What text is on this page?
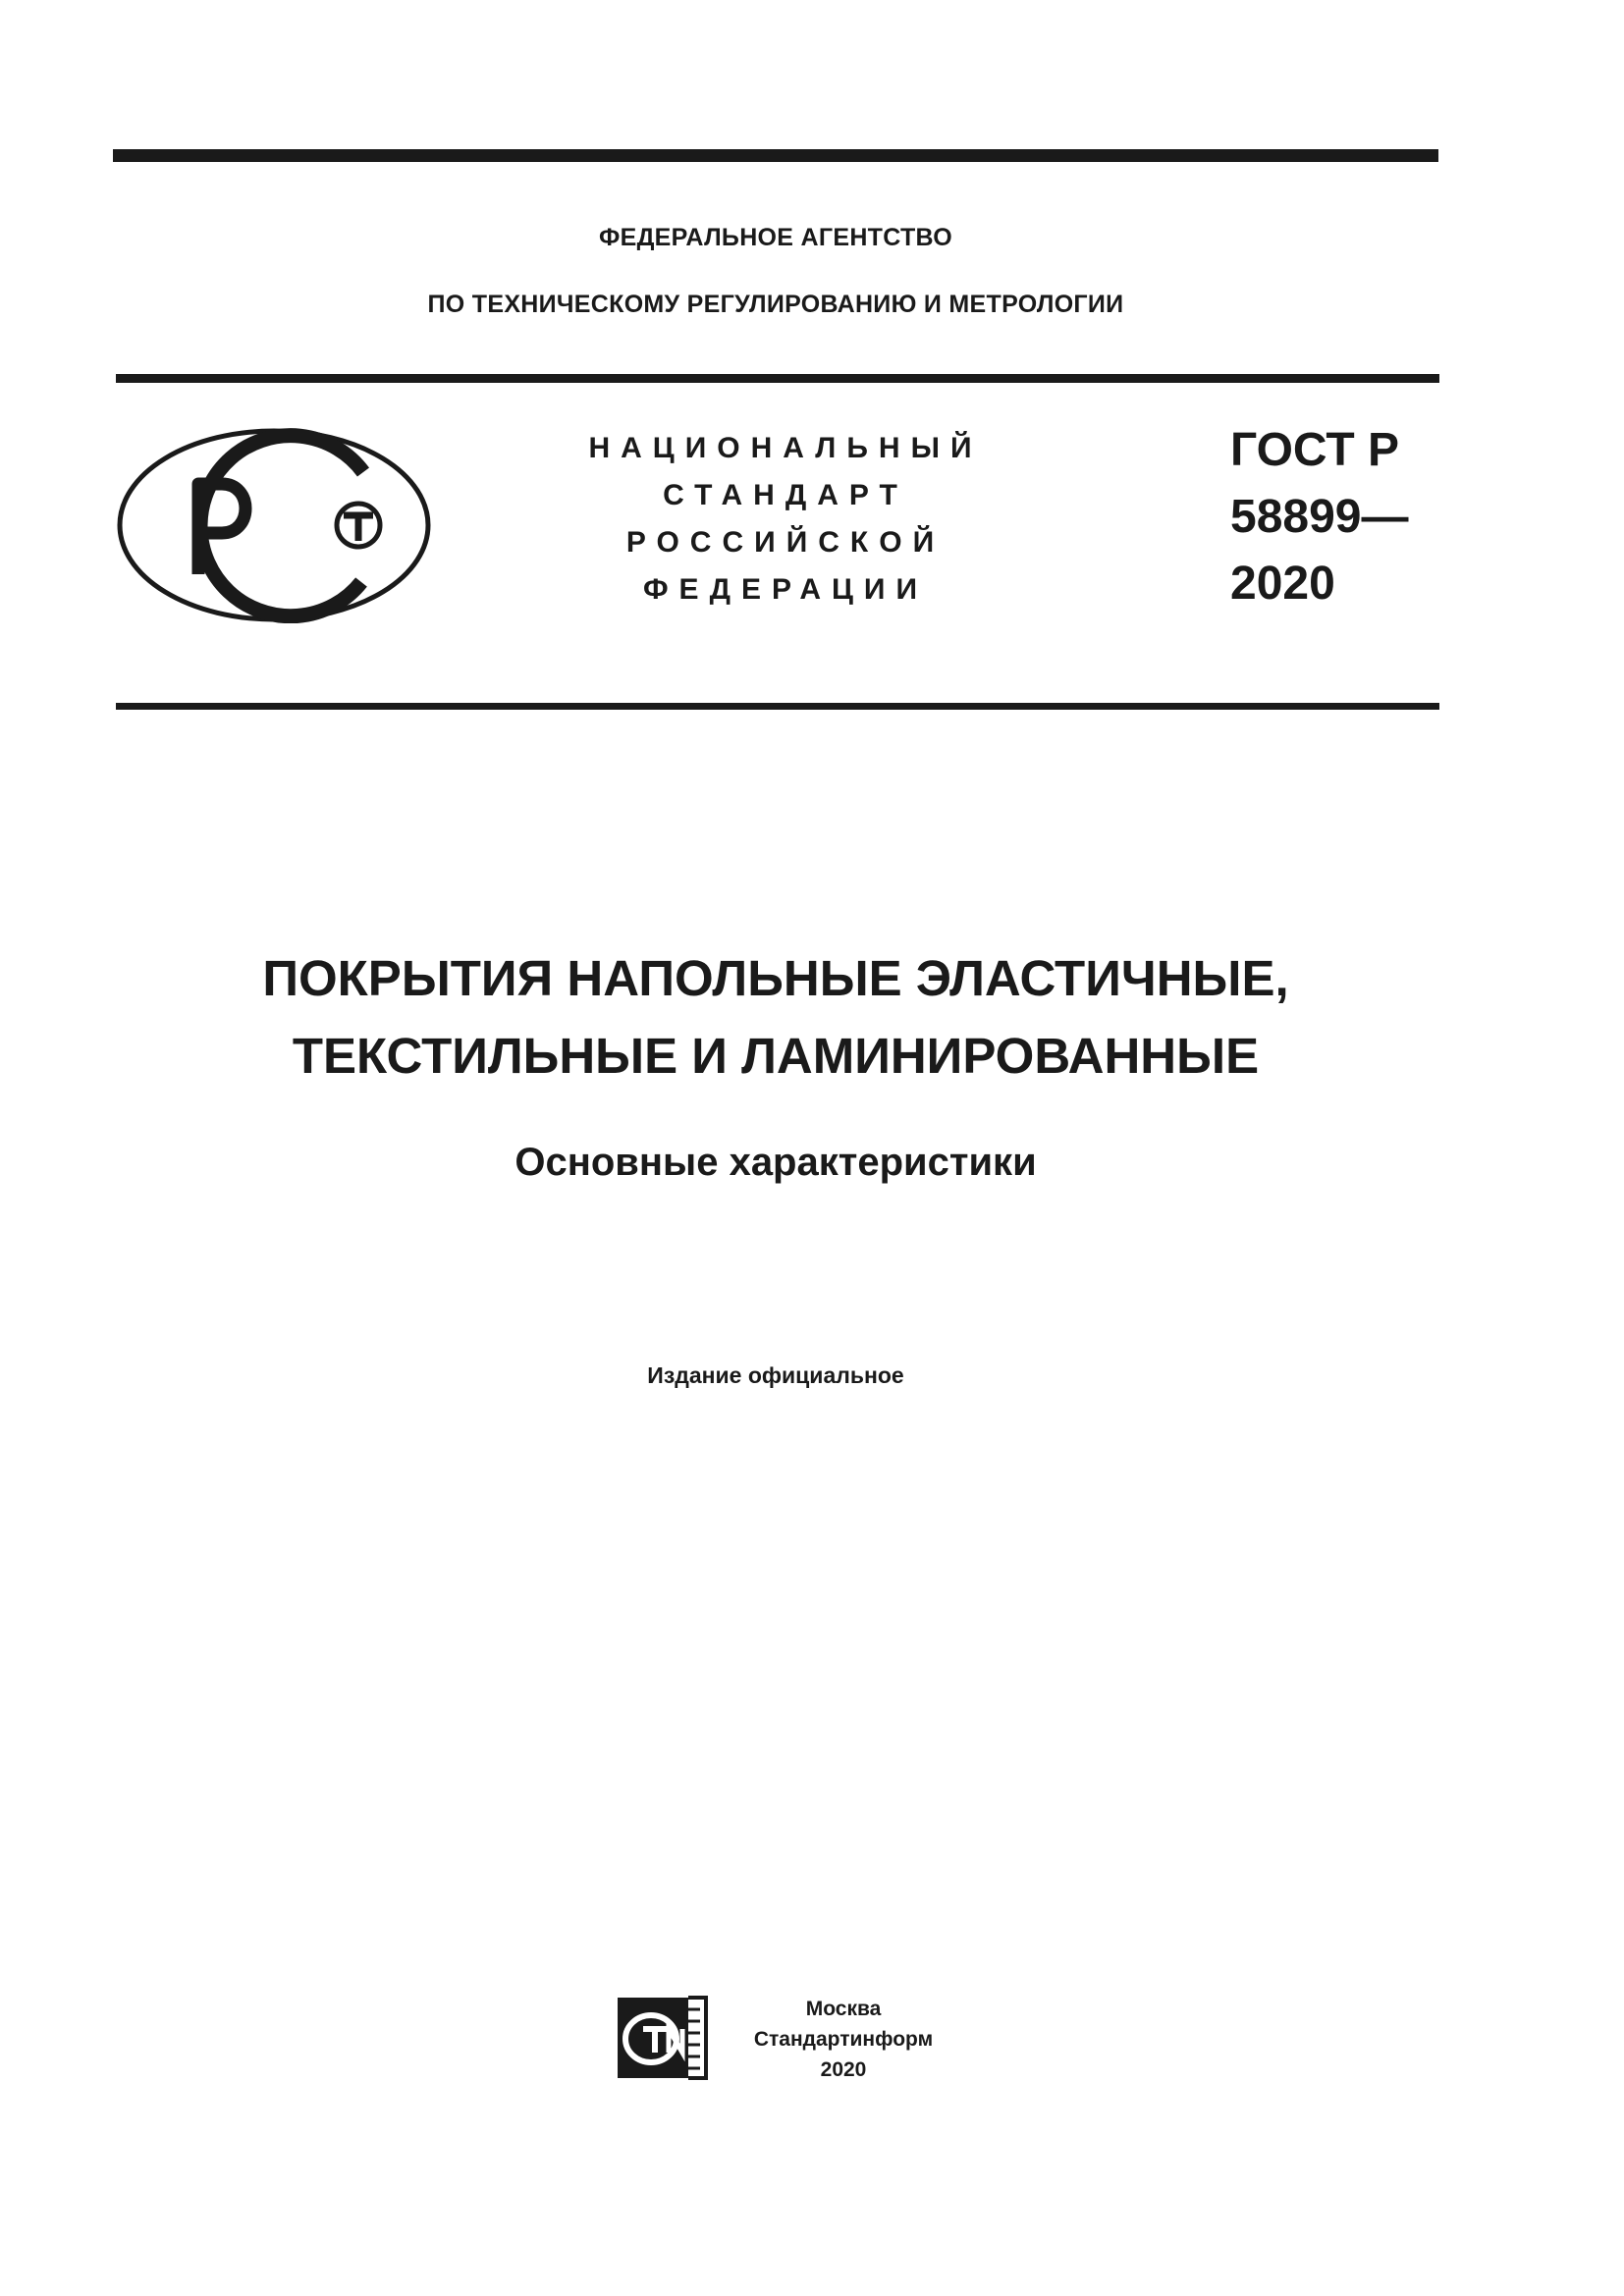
ФЕДЕРАЛЬНОЕ АГЕНТСТВО
ПО ТЕХНИЧЕСКОМУ РЕГУЛИРОВАНИЮ И МЕТРОЛОГИИ
НАЦИОНАЛЬНЫЙ
СТАНДАРТ
РОССИЙСКОЙ
ФЕДЕРАЦИИ
ГОСТ Р
58899—
2020
ПОКРЫТИЯ НАПОЛЬНЫЕ ЭЛАСТИЧНЫЕ,
ТЕКСТИЛЬНЫЕ И ЛАМИНИРОВАННЫЕ
Основные характеристики
Издание официальное
Москва
Стандартинформ
2020
